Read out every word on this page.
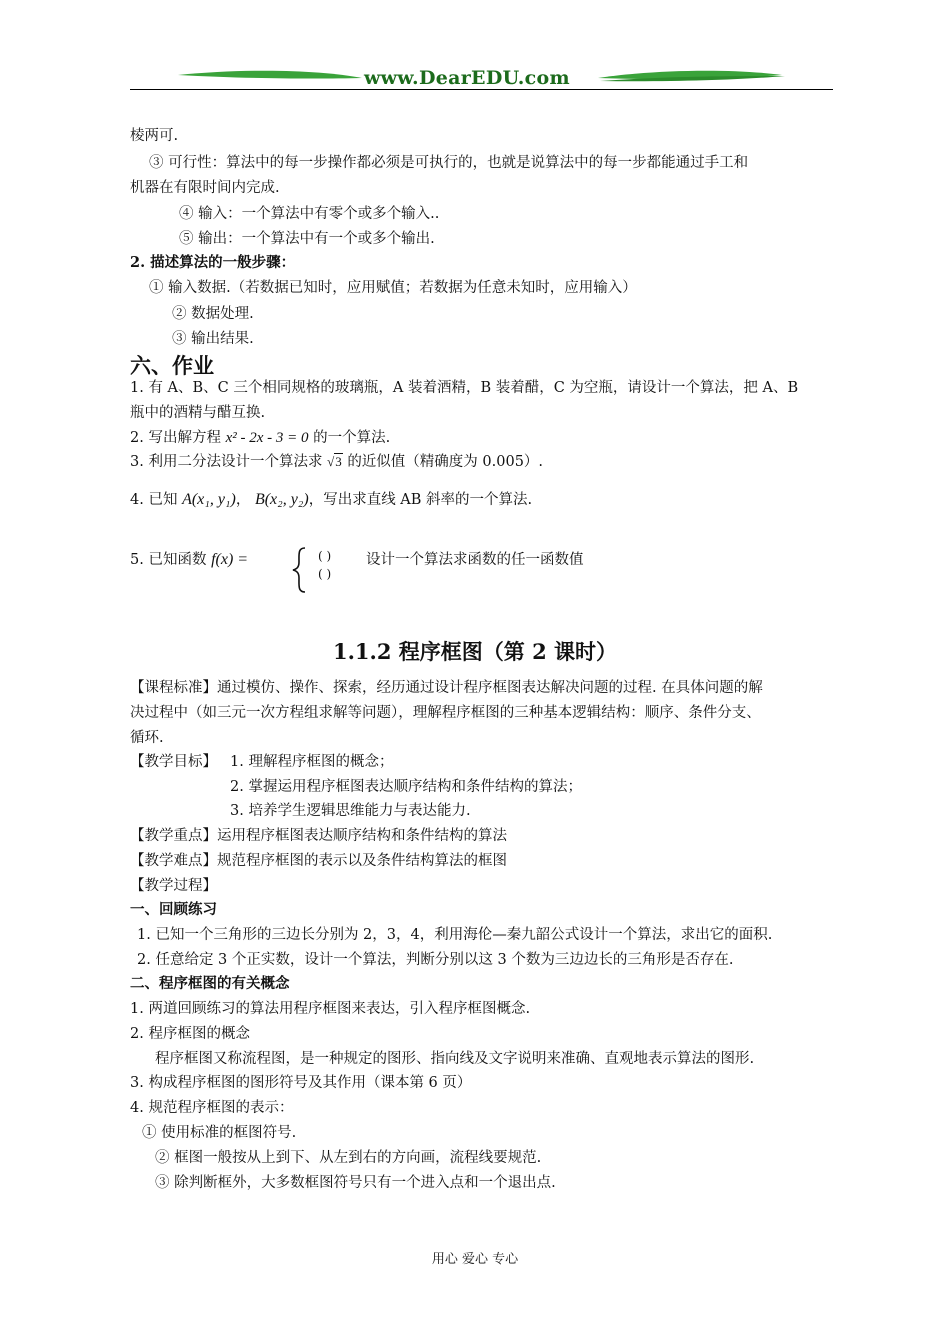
www.DearEDU.com
棱两可.
③ 可行性：算法中的每一步操作都必须是可执行的，也就是说算法中的每一步都能通过手工和
机器在有限时间内完成.
④ 输入：一个算法中有零个或多个输入..
⑤ 输出：一个算法中有一个或多个输出.
2. 描述算法的一般步骤：
① 输入数据.（若数据已知时，应用赋值；若数据为任意未知时，应用输入）
② 数据处理.
③ 输出结果.
六、作业
1. 有 A、B、C 三个相同规格的玻璃瓶，A 装着酒精，B 装着醋，C 为空瓶，请设计一个算法，把 A、B
瓶中的酒精与醋互换.
2. 写出解方程 x² - 2x - 3 = 0 的一个算法.
3. 利用二分法设计一个算法求 √3 的近似值（精确度为 0.005）.
4. 已知 A(x₁, y₁)， B(x₂, y₂)，写出求直线 AB 斜率的一个算法.
5. 已知函数 f(x) =	( )
( )
设计一个算法求函数的任一函数值
1.1.2 程序框图（第 2 课时）
【课程标准】通过模仿、操作、探索，经历通过设计程序框图表达解决问题的过程. 在具体问题的解
决过程中（如三元一次方程组求解等问题），理解程序框图的三种基本逻辑结构：顺序、条件分支、
循环.
【教学目标】 1. 理解程序框图的概念；
2. 掌握运用程序框图表达顺序结构和条件结构的算法；
3. 培养学生逻辑思维能力与表达能力.
【教学重点】运用程序框图表达顺序结构和条件结构的算法
【教学难点】规范程序框图的表示以及条件结构算法的框图
【教学过程】
一、回顾练习
1. 已知一个三角形的三边长分别为 2，3，4，利用海伦—秦九韶公式设计一个算法，求出它的面积.
2. 任意给定 3 个正实数，设计一个算法，判断分别以这 3 个数为三边边长的三角形是否存在.
二、程序框图的有关概念
1. 两道回顾练习的算法用程序框图来表达，引入程序框图概念.
2. 程序框图的概念
程序框图又称流程图，是一种规定的图形、指向线及文字说明来准确、直观地表示算法的图形.
3. 构成程序框图的图形符号及其作用（课本第 6 页）
4. 规范程序框图的表示：
① 使用标准的框图符号.
② 框图一般按从上到下、从左到右的方向画，流程线要规范.
③ 除判断框外，大多数框图符号只有一个进入点和一个退出点.
用心 爱心 专心
